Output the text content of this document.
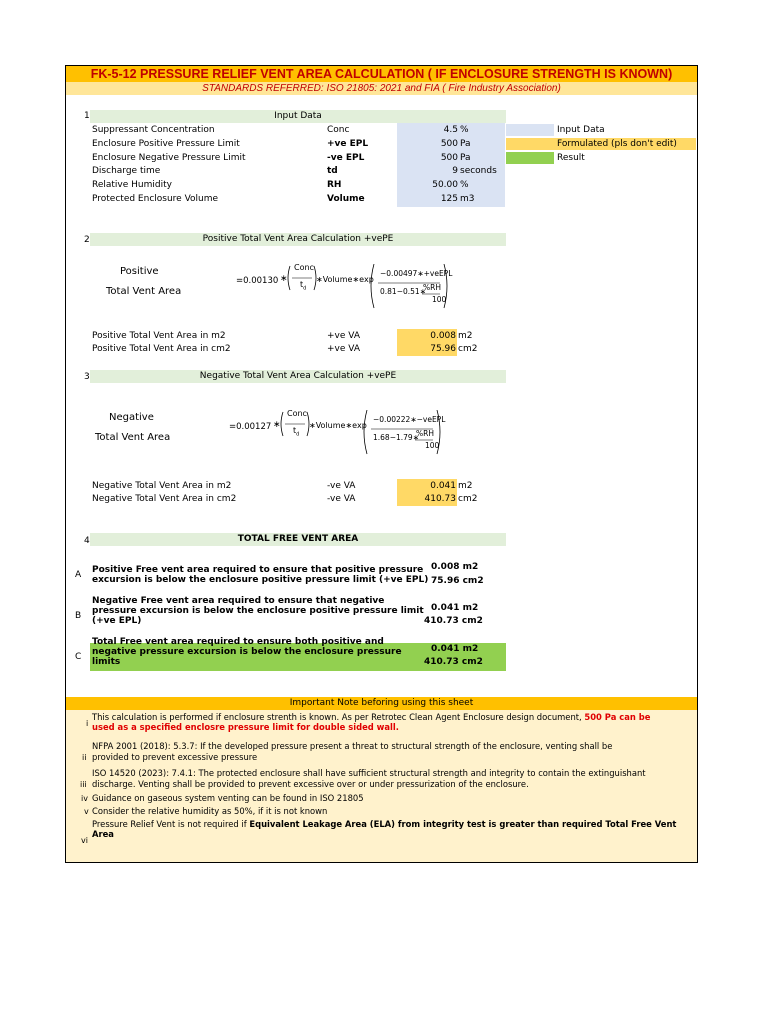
FK-5-12 PRESSURE RELIEF VENT AREA CALCULATION ( IF ENCLOSURE STRENGTH IS KNOWN)
STANDARDS REFERRED: ISO 21805: 2021 and FIA ( Fire Industry Association)
1	Input Data
Suppressant Concentration	Conc	4.5 %
Enclosure Positive Pressure Limit	+ve EPL	500 Pa
Enclosure Negative Pressure Limit	-ve EPL	500 Pa
Discharge time	td	9 seconds
Relative Humidity	RH	50.00 %
Protected Enclosure Volume	Volume	125 m3
Input Data
Formulated (pls don't edit)
Result
2	Positive Total Vent Area Calculation +vePE
Positive
Total Vent Area
=0.00130 ∗
Conc
$t_d$
∗Volume∗exp
−0.00497∗+veEPL
0.81−0.51∗
%RH
100
Positive Total Vent Area in m2	+ve VA	0.008 m2
Positive Total Vent Area in cm2	+ve VA	75.96 cm2
3	Negative Total Vent Area Calculation +vePE
Negative
Total Vent Area
=0.00127 ∗
Conc
$t_d$
∗Volume∗exp
−0.00222∗−veEPL
1.68−1.79∗
%RH
100
Negative Total Vent Area in m2	-ve VA	0.041 m2
Negative Total Vent Area in cm2	-ve VA	410.73 cm2
4	TOTAL FREE VENT AREA
A Positive Free vent area required to ensure that positive pressure
excursion is below the enclosure positive pressure limit (+ve EPL)
0.008 m2
75.96 cm2
B
Negative Free vent area required to ensure that negative
pressure excursion is below the enclosure positive pressure limit
(+ve EPL)
0.041 m2
410.73 cm2
C
Total Free vent area required to ensure both positive and
negative pressure excursion is below the enclosure pressure
limits
0.041 m2
410.73 cm2
Important Note beforing using this sheet
i
This calculation is performed if enclosure strenth is known. As per Retrotec Clean Agent Enclosure design document, 500 Pa can be
used as a specified enclosre pressure limit for double sided wall.
ii
NFPA 2001 (2018): 5.3.7: If the developed pressure present a threat to structural strength of the enclosure, venting shall be
provided to prevent excessive pressure
iii
ISO 14520 (2023): 7.4.1: The protected enclosure shall have sufficient structural strength and integrity to contain the extinguishant
discharge. Venting shall be provided to prevent excessive over or under pressurization of the enclosure.
iv Guidance on gaseous system venting can be found in ISO 21805
v Consider the relative humidity as 50%, if it is not known
vi
Pressure Relief Vent is not required if Equivalent Leakage Area (ELA) from integrity test is greater than required Total Free Vent
Area
